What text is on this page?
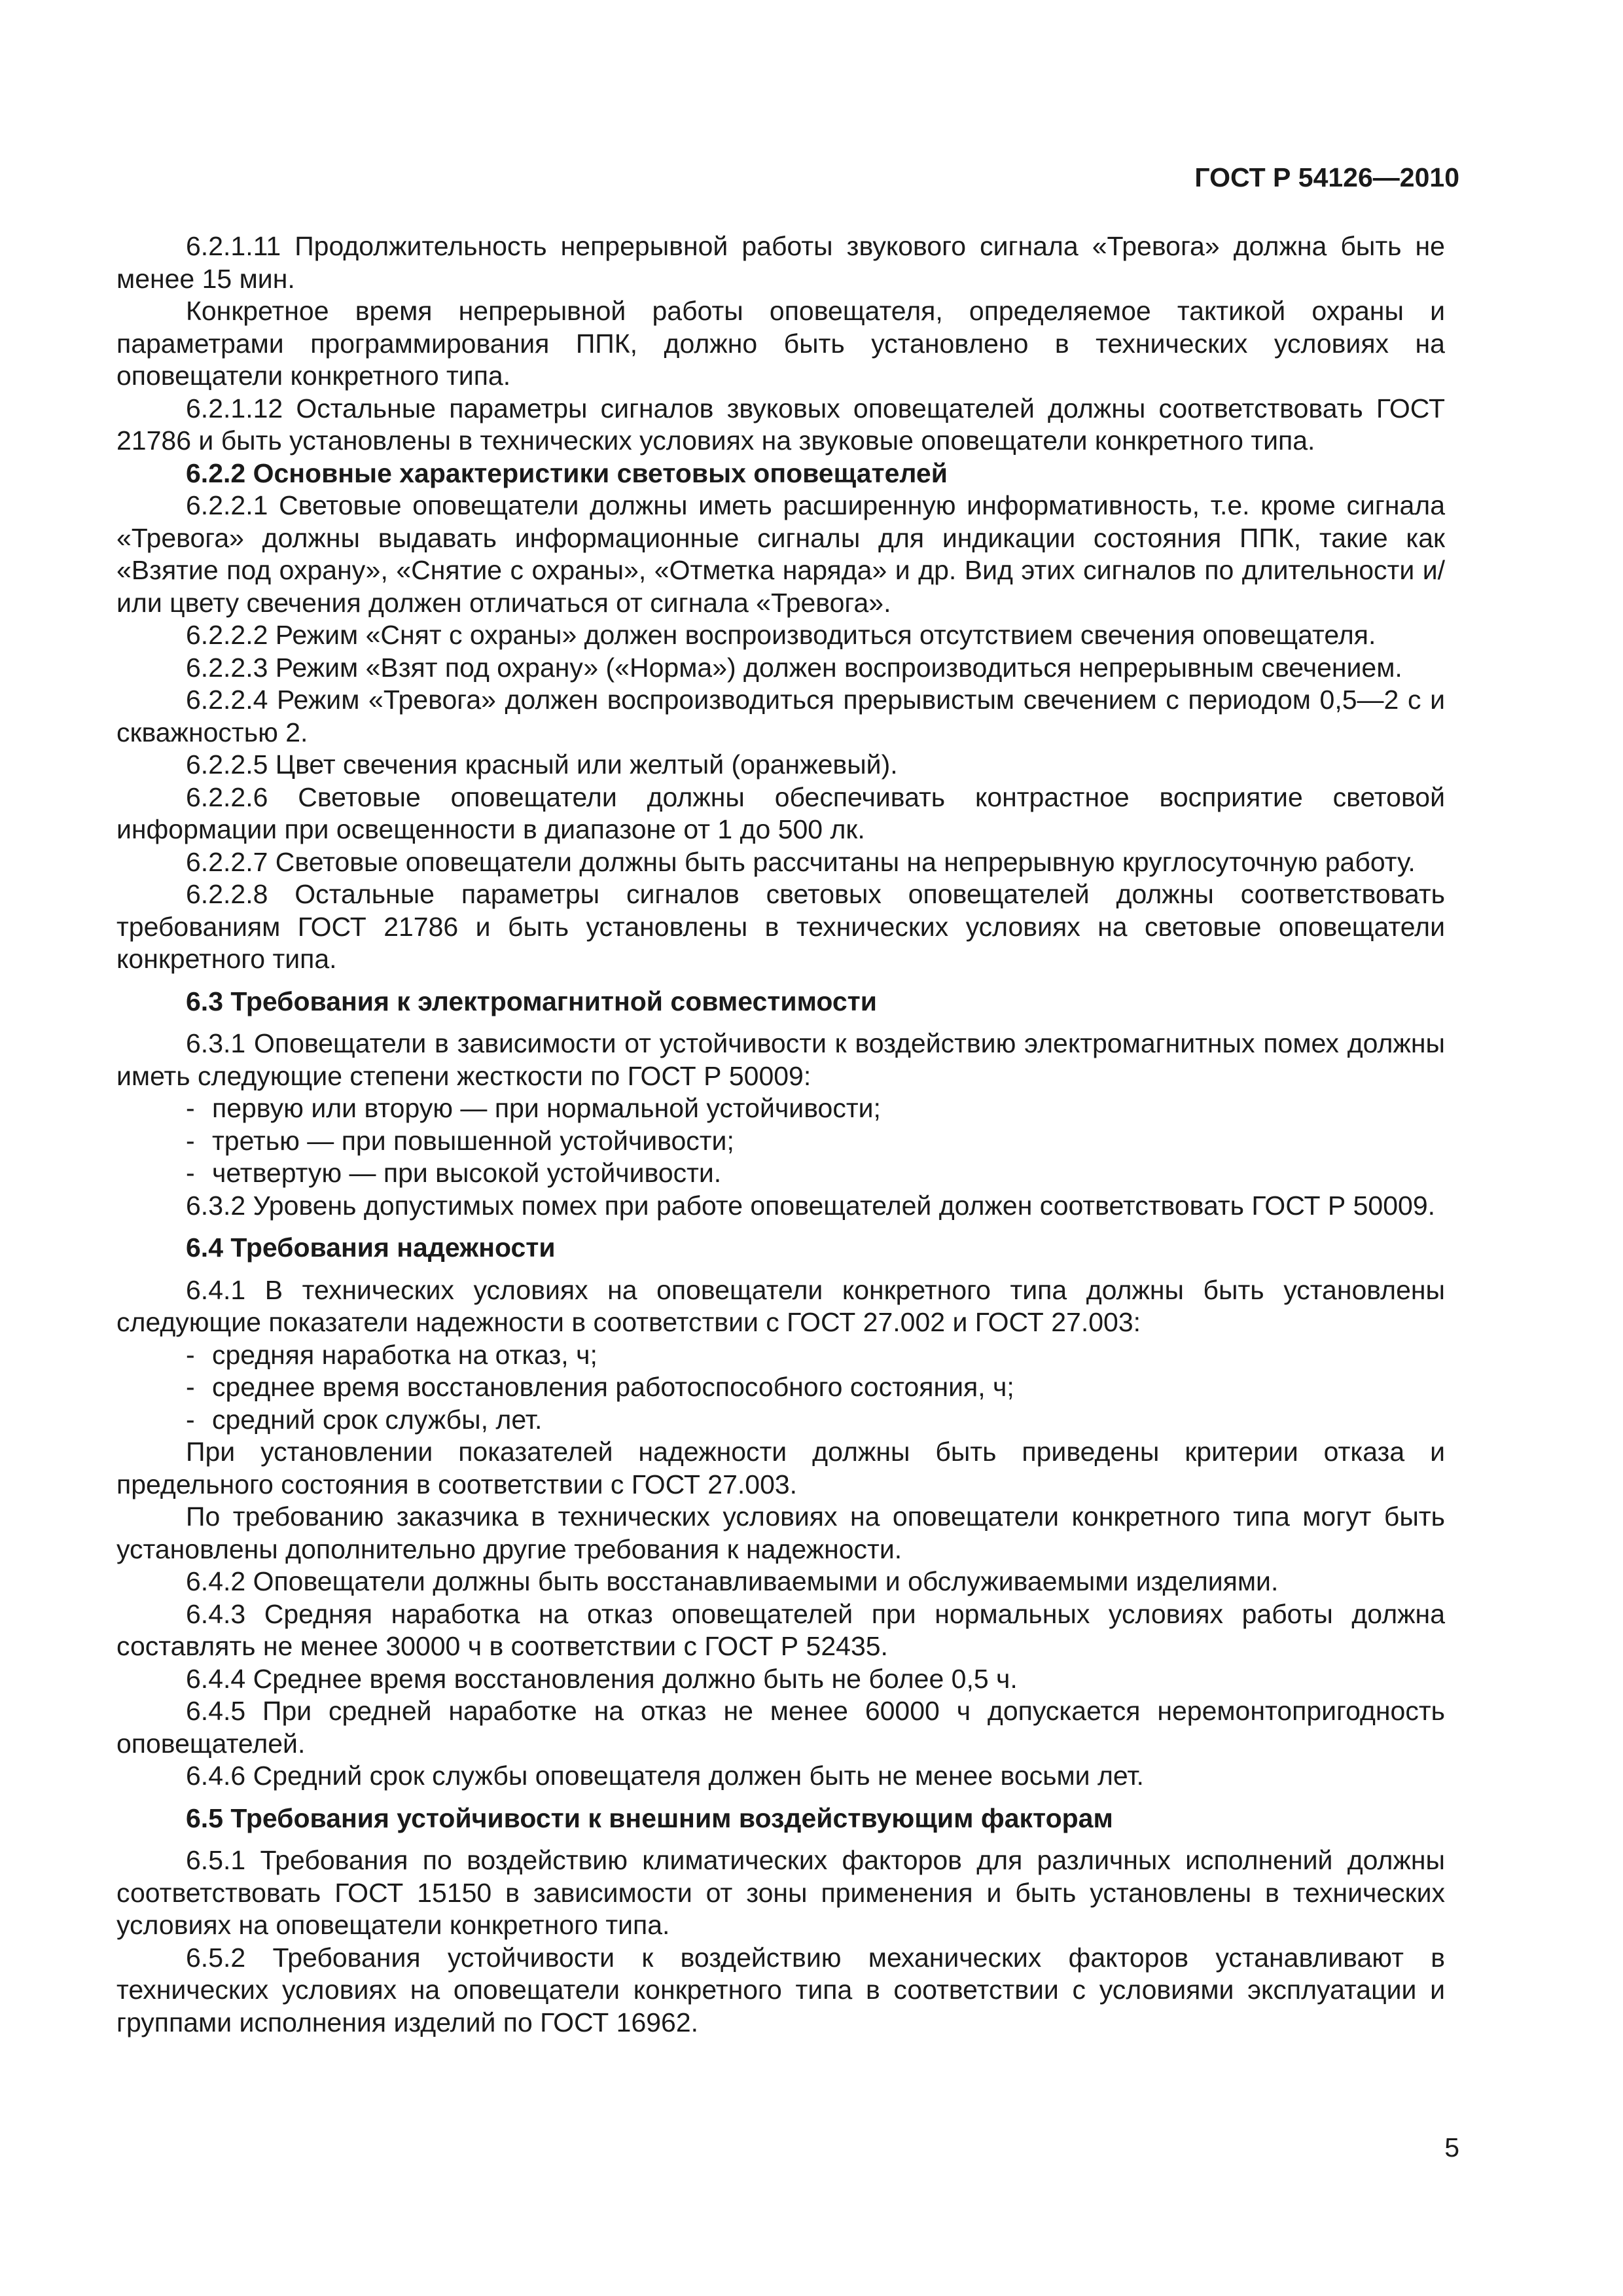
ГОСТ Р 54126—2010
6.2.1.11 Продолжительность непрерывной работы звукового сигнала «Тревога» должна быть не менее 15 мин.
Конкретное время непрерывной работы оповещателя, определяемое тактикой охраны и параметрами программирования ППК, должно быть установлено в технических условиях на оповещатели конкретного типа.
6.2.1.12 Остальные параметры сигналов звуковых оповещателей должны соответствовать ГОСТ 21786 и быть установлены в технических условиях на звуковые оповещатели конкретного типа.
6.2.2 Основные характеристики световых оповещателей
6.2.2.1 Световые оповещатели должны иметь расширенную информативность, т.е. кроме сигнала «Тревога» должны выдавать информационные сигналы для индикации состояния ППК, такие как «Взятие под охрану», «Снятие с охраны», «Отметка наряда» и др. Вид этих сигналов по длительности и/или цвету свечения должен отличаться от сигнала «Тревога».
6.2.2.2 Режим «Снят с охраны» должен воспроизводиться отсутствием свечения оповещателя.
6.2.2.3 Режим «Взят под охрану» («Норма») должен воспроизводиться непрерывным свечением.
6.2.2.4 Режим «Тревога» должен воспроизводиться прерывистым свечением с периодом 0,5—2 с и скважностью 2.
6.2.2.5 Цвет свечения красный или желтый (оранжевый).
6.2.2.6 Световые оповещатели должны обеспечивать контрастное восприятие световой информации при освещенности в диапазоне от 1 до 500 лк.
6.2.2.7 Световые оповещатели должны быть рассчитаны на непрерывную круглосуточную работу.
6.2.2.8 Остальные параметры сигналов световых оповещателей должны соответствовать требованиям ГОСТ 21786 и быть установлены в технических условиях на световые оповещатели конкретного типа.
6.3 Требования к электромагнитной совместимости
6.3.1 Оповещатели в зависимости от устойчивости к воздействию электромагнитных помех должны иметь следующие степени жесткости по ГОСТ Р 50009:
- первую или вторую — при нормальной устойчивости;
- третью — при повышенной устойчивости;
- четвертую — при высокой устойчивости.
6.3.2 Уровень допустимых помех при работе оповещателей должен соответствовать ГОСТ Р 50009.
6.4 Требования надежности
6.4.1 В технических условиях на оповещатели конкретного типа должны быть установлены следующие показатели надежности в соответствии с ГОСТ 27.002 и ГОСТ 27.003:
- средняя наработка на отказ, ч;
- среднее время восстановления работоспособного состояния, ч;
- средний срок службы, лет.
При установлении показателей надежности должны быть приведены критерии отказа и предельного состояния в соответствии с ГОСТ 27.003.
По требованию заказчика в технических условиях на оповещатели конкретного типа могут быть установлены дополнительно другие требования к надежности.
6.4.2 Оповещатели должны быть восстанавливаемыми и обслуживаемыми изделиями.
6.4.3 Средняя наработка на отказ оповещателей при нормальных условиях работы должна составлять не менее 30000 ч в соответствии с ГОСТ Р 52435.
6.4.4 Среднее время восстановления должно быть не более 0,5 ч.
6.4.5 При средней наработке на отказ не менее 60000 ч допускается неремонтопригодность оповещателей.
6.4.6 Средний срок службы оповещателя должен быть не менее восьми лет.
6.5 Требования устойчивости к внешним воздействующим факторам
6.5.1 Требования по воздействию климатических факторов для различных исполнений должны соответствовать ГОСТ 15150 в зависимости от зоны применения и быть установлены в технических условиях на оповещатели конкретного типа.
6.5.2 Требования устойчивости к воздействию механических факторов устанавливают в технических условиях на оповещатели конкретного типа в соответствии с условиями эксплуатации и группами исполнения изделий по ГОСТ 16962.
5
